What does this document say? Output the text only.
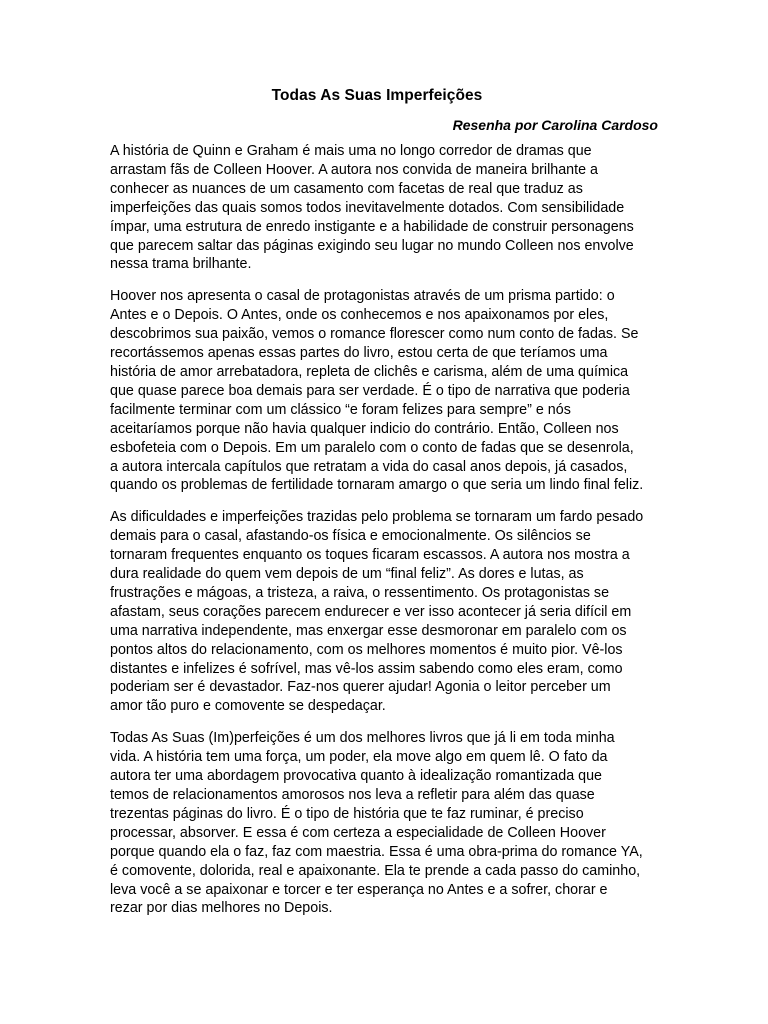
Todas As Suas Imperfeições
Resenha por Carolina Cardoso

A história de Quinn e Graham é mais uma no longo corredor de dramas que arrastam fãs de Colleen Hoover. A autora nos convida de maneira brilhante a conhecer as nuances de um casamento com facetas de real que traduz as imperfeições das quais somos todos inevitavelmente dotados. Com sensibilidade ímpar, uma estrutura de enredo instigante e a habilidade de construir personagens que parecem saltar das páginas exigindo seu lugar no mundo Colleen nos envolve nessa trama brilhante.

Hoover nos apresenta o casal de protagonistas através de um prisma partido: o Antes e o Depois. O Antes, onde os conhecemos e nos apaixonamos por eles, descobrimos sua paixão, vemos o romance florescer como num conto de fadas. Se recortássemos apenas essas partes do livro, estou certa de que teríamos uma história de amor arrebatadora, repleta de clichês e carisma, além de uma química que quase parece boa demais para ser verdade. É o tipo de narrativa que poderia facilmente terminar com um clássico “e foram felizes para sempre” e nós aceitaríamos porque não havia qualquer indicio do contrário. Então, Colleen nos esbofeteia com o Depois. Em um paralelo com o conto de fadas que se desenrola, a autora intercala capítulos que retratam a vida do casal anos depois, já casados, quando os problemas de fertilidade tornaram amargo o que seria um lindo final feliz.

As dificuldades e imperfeições trazidas pelo problema se tornaram um fardo pesado demais para o casal, afastando-os física e emocionalmente. Os silêncios se tornaram frequentes enquanto os toques ficaram escassos. A autora nos mostra a dura realidade do quem vem depois de um “final feliz”. As dores e lutas, as frustrações e mágoas, a tristeza, a raiva, o ressentimento. Os protagonistas se afastam, seus corações parecem endurecer e ver isso acontecer já seria difícil em uma narrativa independente, mas enxergar esse desmoronar em paralelo com os pontos altos do relacionamento, com os melhores momentos é muito pior. Vê-los distantes e infelizes é sofrível, mas vê-los assim sabendo como eles eram, como poderiam ser é devastador. Faz-nos querer ajudar! Agonia o leitor perceber um amor tão puro e comovente se despedaçar.

Todas As Suas (Im)perfeições é um dos melhores livros que já li em toda minha vida. A história tem uma força, um poder, ela move algo em quem lê. O fato da autora ter uma abordagem provocativa quanto à idealização romantizada que temos de relacionamentos amorosos nos leva a refletir para além das quase trezentas páginas do livro. É o tipo de história que te faz ruminar, é preciso processar, absorver. E essa é com certeza a especialidade de Colleen Hoover porque quando ela o faz, faz com maestria. Essa é uma obra-prima do romance YA, é comovente, dolorida, real e apaixonante. Ela te prende a cada passo do caminho, leva você a se apaixonar e torcer e ter esperança no Antes e a sofrer, chorar e rezar por dias melhores no Depois.
